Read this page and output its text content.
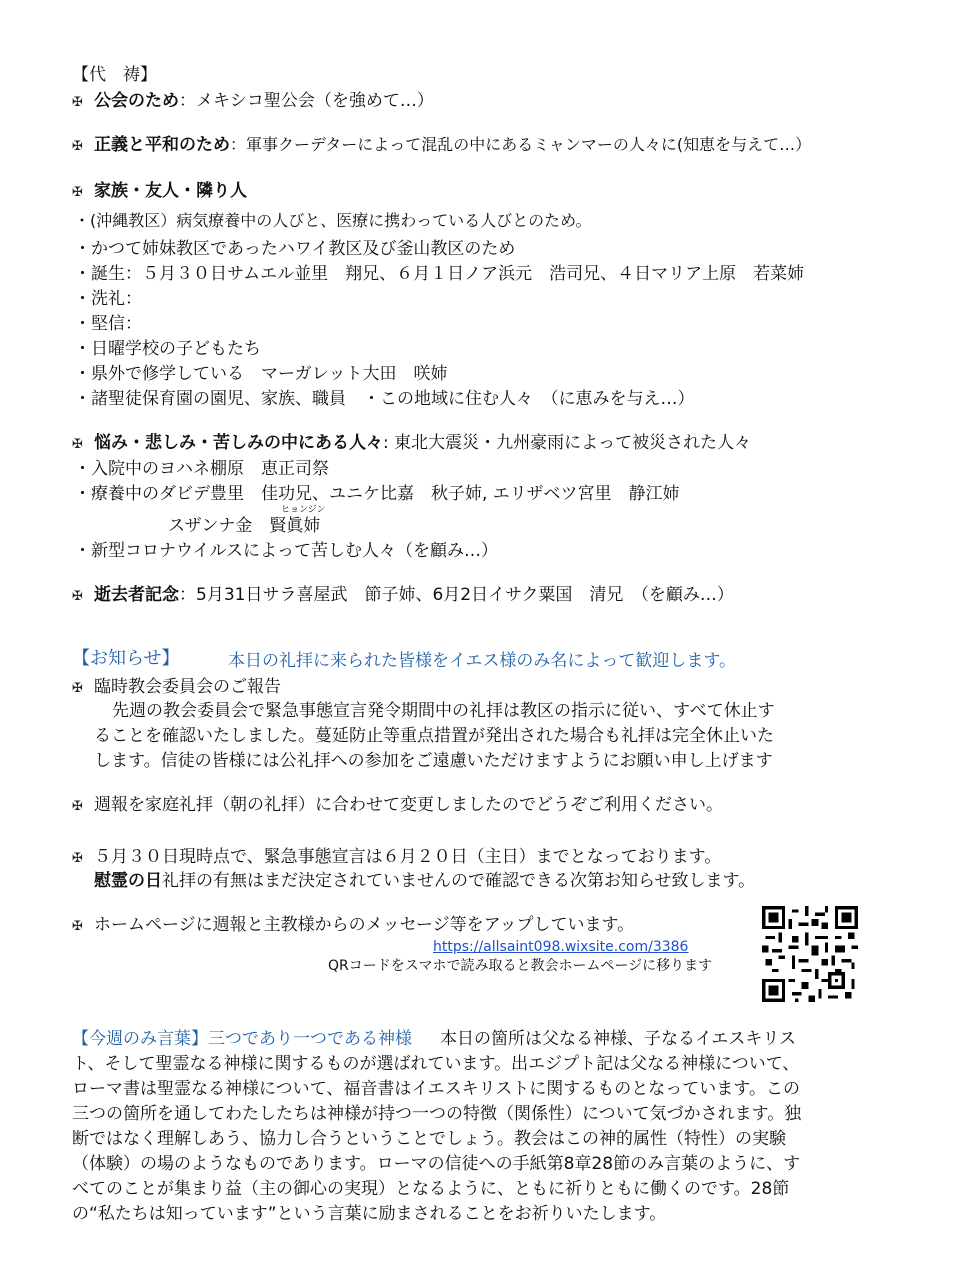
【代　祷】
✠ 公会のため：メキシコ聖公会（を強めて…）
✠ 正義と平和のため：軍事クーデターによって混乱の中にあるミャンマーの人々に(知恵を与えて…）
✠ 家族・友人・隣り人
・(沖縄教区）病気療養中の人びと、医療に携わっている人びとのため。
・かつて姉妹教区であったハワイ教区及び釜山教区のため
・誕生：５月３０日サムエル並里　翔兄、６月１日ノア浜元　浩司兄、４日マリア上原　若菜姉
・洗礼：
・堅信：
・日曜学校の子どもたち
・県外で修学している　マーガレット大田　咲姉
・諸聖徒保育園の園児、家族、職員　・この地域に住む人々　（に恵みを与え…）
✠ 悩み・悲しみ・苦しみの中にある人々: 東北大震災・九州豪雨によって被災された人々
・入院中のヨハネ棚原　恵正司祭
・療養中のダビデ豊里　佳功兄、ユニケ比嘉　秋子姉, エリザベツ宮里　静江姉
ヒョンジン
スザンナ金　賢眞姉
・新型コロナウイルスによって苦しむ人々（を顧み…）
✠ 逝去者記念：5月31日サラ喜屋武　節子姉、6月2日イサク粟国　清兄　（を顧み…）
【お知らせ】	本日の礼拝に来られた皆様をイエス様のみ名によって歓迎します。
✠ 臨時教会委員会のご報告
先週の教会委員会で緊急事態宣言発令期間中の礼拝は教区の指示に従い、すべて休止す
ることを確認いたしました。蔓延防止等重点措置が発出された場合も礼拝は完全休止いた
します。信徒の皆様には公礼拝への参加をご遠慮いただけますようにお願い申し上げます
✠ 週報を家庭礼拝（朝の礼拝）に合わせて変更しましたのでどうぞご利用ください。
✠ ５月３０日現時点で、緊急事態宣言は６月２０日（主日）までとなっております。
慰霊の日礼拝の有無はまだ決定されていませんので確認できる次第お知らせ致します。
✠ ホームページに週報と主教様からのメッセージ等をアップしています。
https://allsaint098.wixsite.com/3386
QRコードをスマホで読み取ると教会ホームページに移ります
【今週のみ言葉】三つであり一つである神様 本日の箇所は父なる神様、子なるイエスキリス
ト、そして聖霊なる神様に関するものが選ばれています。出エジプト記は父なる神様について、
ローマ書は聖霊なる神様について、福音書はイエスキリストに関するものとなっています。この
三つの箇所を通してわたしたちは神様が持つ一つの特徴（関係性）について気づかされます。独
断ではなく理解しあう、協力し合うということでしょう。教会はこの神的属性（特性）の実験
（体験）の場のようなものであります。ローマの信徒への手紙第8章28節のみ言葉のように、す
べてのことが集まり益（主の御心の実現）となるように、ともに祈りともに働くのです。28節
の“私たちは知っています”という言葉に励まされることをお祈りいたします。
